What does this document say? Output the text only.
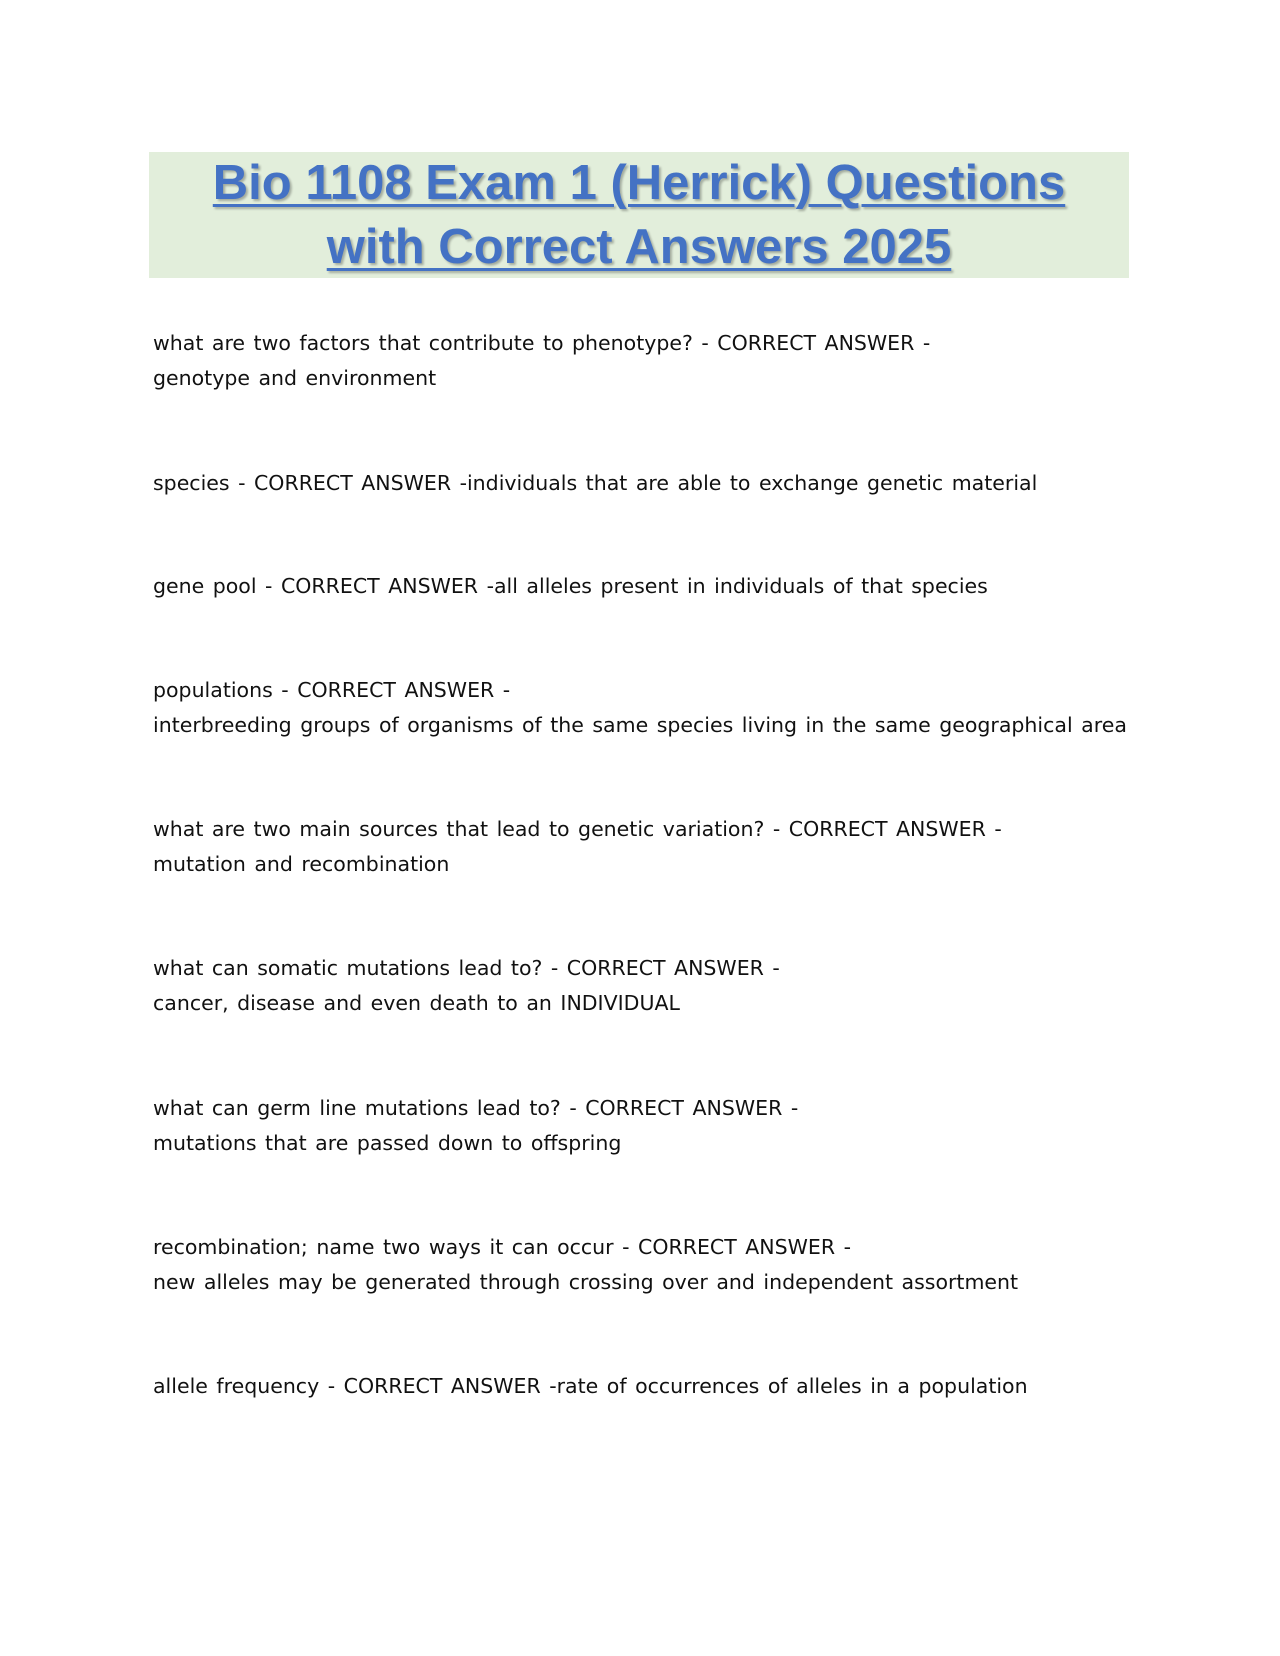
Bio 1108 Exam 1 (Herrick) Questions
with Correct Answers 2025
what are two factors that contribute to phenotype? - CORRECT ANSWER -
genotype and environment
species - CORRECT ANSWER -individuals that are able to exchange genetic material
gene pool - CORRECT ANSWER -all alleles present in individuals of that species
populations - CORRECT ANSWER -
interbreeding groups of organisms of the same species living in the same geographical area
what are two main sources that lead to genetic variation? - CORRECT ANSWER -
mutation and recombination
what can somatic mutations lead to? - CORRECT ANSWER -
cancer, disease and even death to an INDIVIDUAL
what can germ line mutations lead to? - CORRECT ANSWER -
mutations that are passed down to offspring
recombination; name two ways it can occur - CORRECT ANSWER -
new alleles may be generated through crossing over and independent assortment
allele frequency - CORRECT ANSWER -rate of occurrences of alleles in a population
